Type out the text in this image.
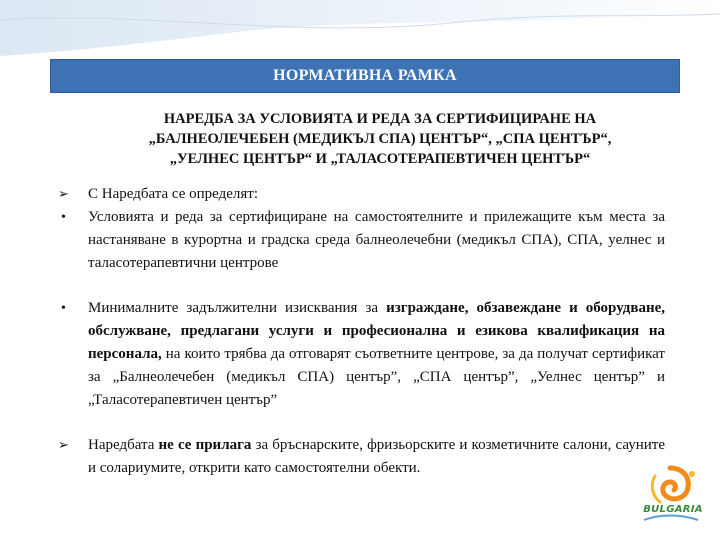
НОРМАТИВНА РАМКА
НАРЕДБА ЗА УСЛОВИЯТА И РЕДА ЗА СЕРТИФИЦИРАНЕ НА
„БАЛНЕОЛЕЧЕБЕН (МЕДИКЪЛ СПА) ЦЕНТЪР“, „СПА ЦЕНТЪР“,
„УЕЛНЕС ЦЕНТЪР“ И „ТАЛАСОТЕРАПЕВТИЧЕН ЦЕНТЪР“
➢	С Наредбата се определят:
•	Условията и реда за сертифициране на самостоятелните и прилежащите към места за настаняване в курортна и градска среда балнеолечебни (медикъл СПА), СПА, уелнес и таласотерапевтични центрове
•	Минималните задължителни изисквания за изграждане, обзавеждане и оборудване, обслужване, предлагани услуги и професионална и езикова квалификация на персонала, на които трябва да отговарят съответните центрове, за да получат сертификат за „Балнеолечебен (медикъл СПА) център”, „СПА център”, „Уелнес център” и „Таласотерапевтичен център”
➢	Наредбата не се прилага за бръснарските, фризьорските и козметичните салони, сауните и солариумите, открити като самостоятелни обекти.
BULGARIA
